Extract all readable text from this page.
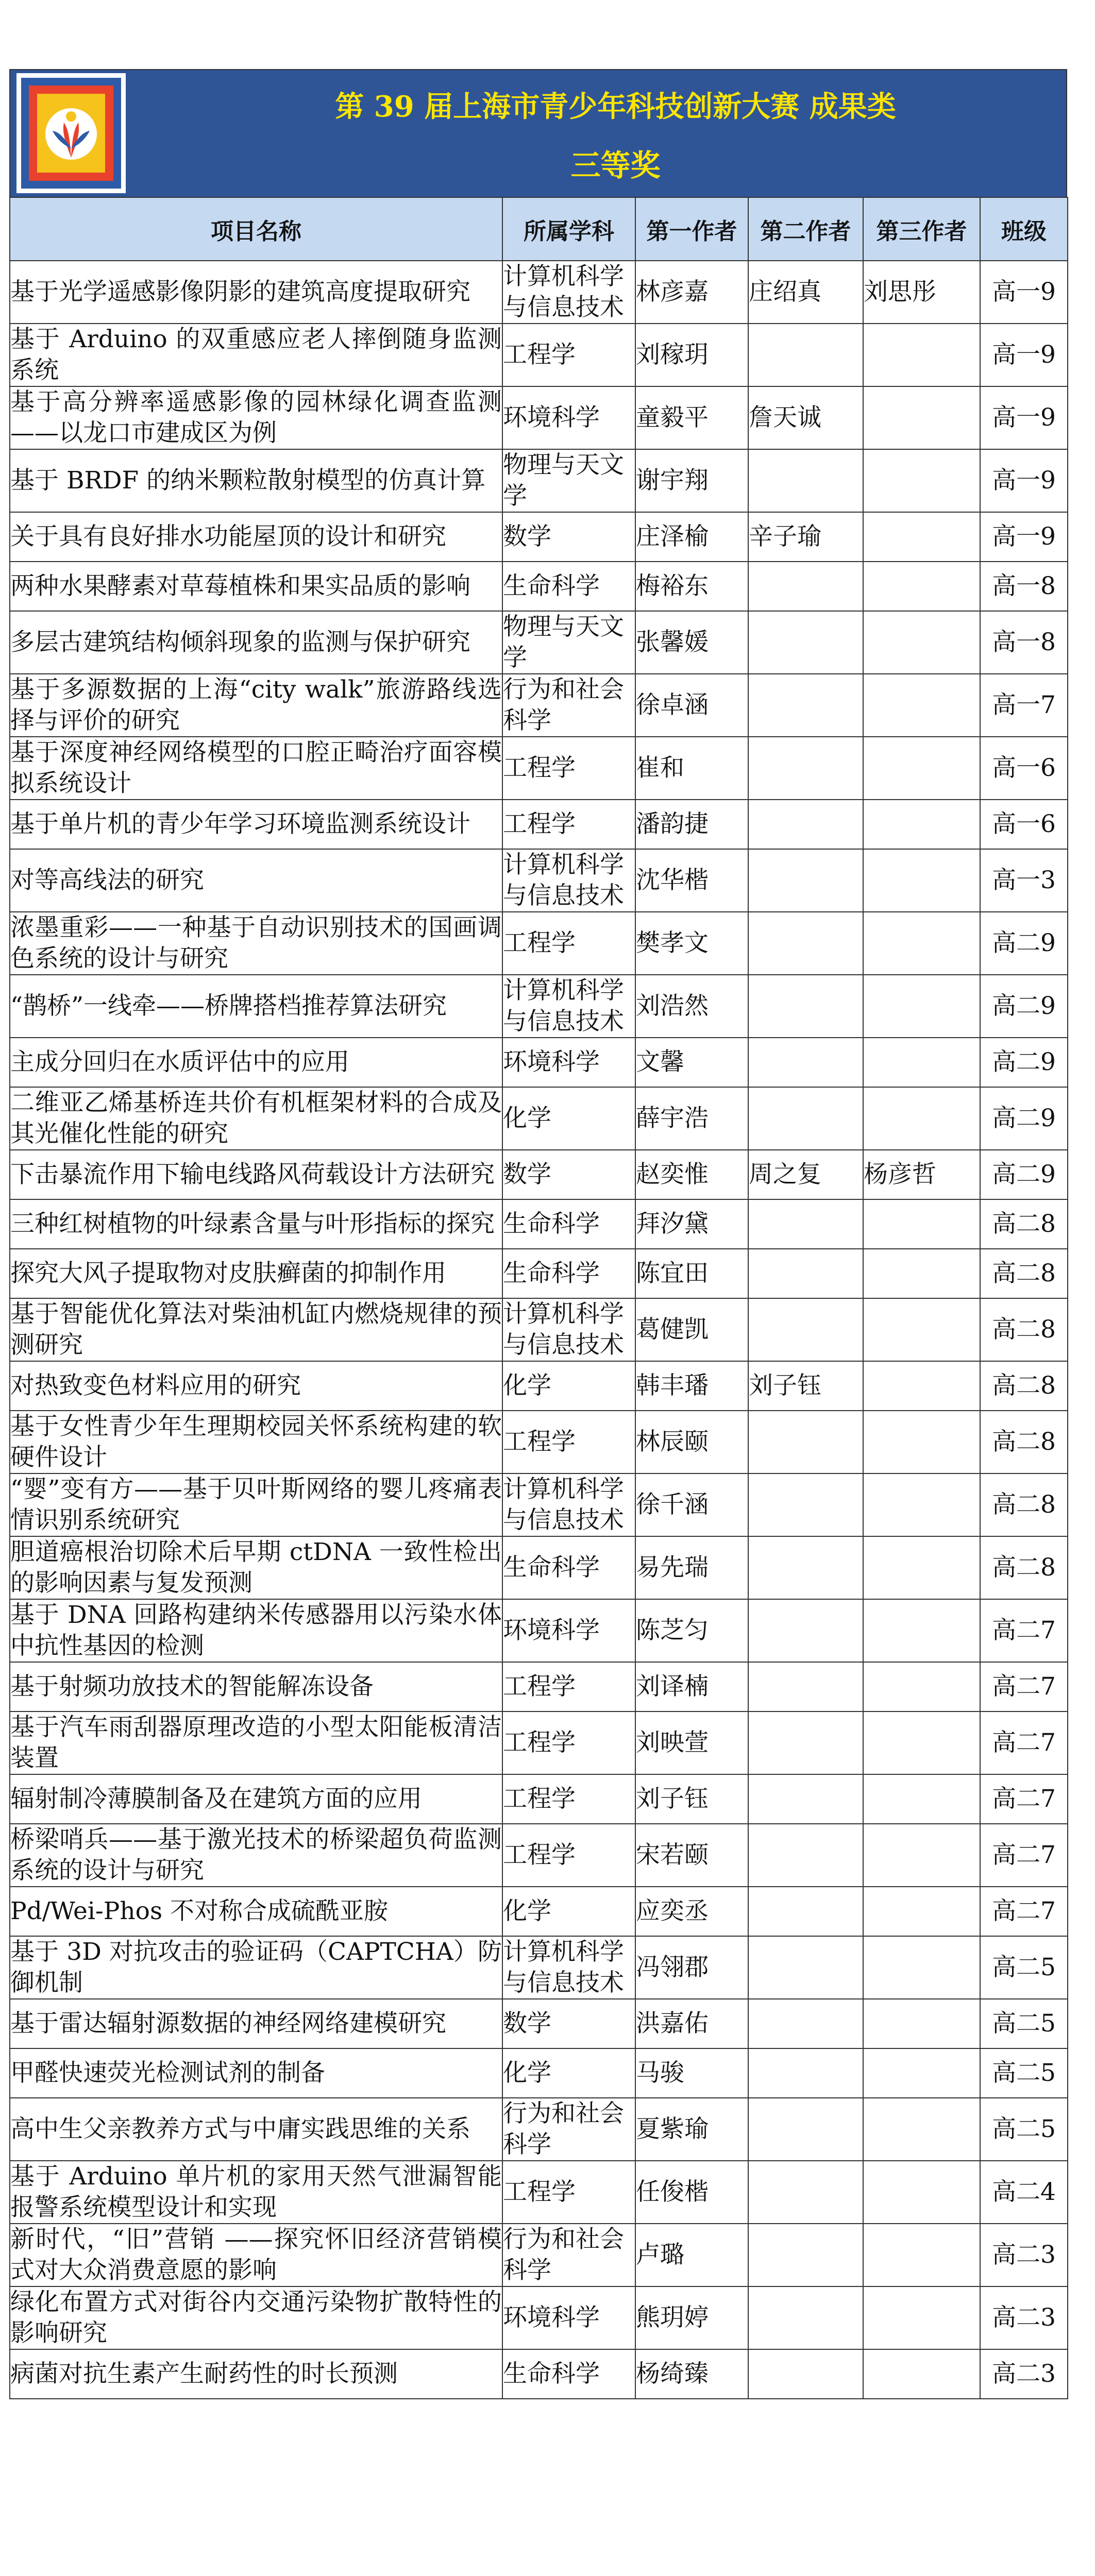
第 39 届上海市青少年科技创新大赛 成果类
三等奖
项目名称	所属学科	第一作者	第二作者	第三作者	班级
基于光学遥感影像阴影的建筑高度提取研究	计算机科学与信息技术	林彦嘉	庄绍真	刘思彤	高一9
基于 Arduino 的双重感应老人摔倒随身监测系统	工程学	刘稼玥			高一9
基于高分辨率遥感影像的园林绿化调查监测——以龙口市建成区为例	环境科学	童毅平	詹天诚		高一9
基于 BRDF 的纳米颗粒散射模型的仿真计算	物理与天文学	谢宇翔			高一9
关于具有良好排水功能屋顶的设计和研究	数学	庄泽榆	辛子瑜		高一9
两种水果酵素对草莓植株和果实品质的影响	生命科学	梅裕东			高一8
多层古建筑结构倾斜现象的监测与保护研究	物理与天文学	张馨媛			高一8
基于多源数据的上海“city walk”旅游路线选择与评价的研究	行为和社会科学	徐卓涵			高一7
基于深度神经网络模型的口腔正畸治疗面容模拟系统设计	工程学	崔和			高一6
基于单片机的青少年学习环境监测系统设计	工程学	潘韵捷			高一6
对等高线法的研究	计算机科学与信息技术	沈华楷			高一3
浓墨重彩——一种基于自动识别技术的国画调色系统的设计与研究	工程学	樊孝文			高二9
“鹊桥”一线牵——桥牌搭档推荐算法研究	计算机科学与信息技术	刘浩然			高二9
主成分回归在水质评估中的应用	环境科学	文馨			高二9
二维亚乙烯基桥连共价有机框架材料的合成及其光催化性能的研究	化学	薛宇浩			高二9
下击暴流作用下输电线路风荷载设计方法研究	数学	赵奕惟	周之复	杨彦哲	高二9
三种红树植物的叶绿素含量与叶形指标的探究	生命科学	拜汐黛			高二8
探究大风子提取物对皮肤癣菌的抑制作用	生命科学	陈宜田			高二8
基于智能优化算法对柴油机缸内燃烧规律的预测研究	计算机科学与信息技术	葛健凯			高二8
对热致变色材料应用的研究	化学	韩丰璠	刘子钰		高二8
基于女性青少年生理期校园关怀系统构建的软硬件设计	工程学	林辰颐			高二8
“婴”变有方——基于贝叶斯网络的婴儿疼痛表情识别系统研究	计算机科学与信息技术	徐千涵			高二8
胆道癌根治切除术后早期 ctDNA 一致性检出的影响因素与复发预测	生命科学	易先瑞			高二8
基于 DNA 回路构建纳米传感器用以污染水体中抗性基因的检测	环境科学	陈芝匀			高二7
基于射频功放技术的智能解冻设备	工程学	刘译楠			高二7
基于汽车雨刮器原理改造的小型太阳能板清洁装置	工程学	刘映萱			高二7
辐射制冷薄膜制备及在建筑方面的应用	工程学	刘子钰			高二7
桥梁哨兵——基于激光技术的桥梁超负荷监测系统的设计与研究	工程学	宋若颐			高二7
Pd/Wei-Phos 不对称合成硫酰亚胺	化学	应奕丞			高二7
基于 3D 对抗攻击的验证码（CAPTCHA）防御机制	计算机科学与信息技术	冯翎郡			高二5
基于雷达辐射源数据的神经网络建模研究	数学	洪嘉佑			高二5
甲醛快速荧光检测试剂的制备	化学	马骏			高二5
高中生父亲教养方式与中庸实践思维的关系	行为和社会科学	夏紫瑜			高二5
基于 Arduino 单片机的家用天然气泄漏智能报警系统模型设计和实现	工程学	任俊楷			高二4
新时代，“旧”营销 ——探究怀旧经济营销模式对大众消费意愿的影响	行为和社会科学	卢璐			高二3
绿化布置方式对街谷内交通污染物扩散特性的影响研究	环境科学	熊玥婷			高二3
病菌对抗生素产生耐药性的时长预测	生命科学	杨绮臻			高二3
